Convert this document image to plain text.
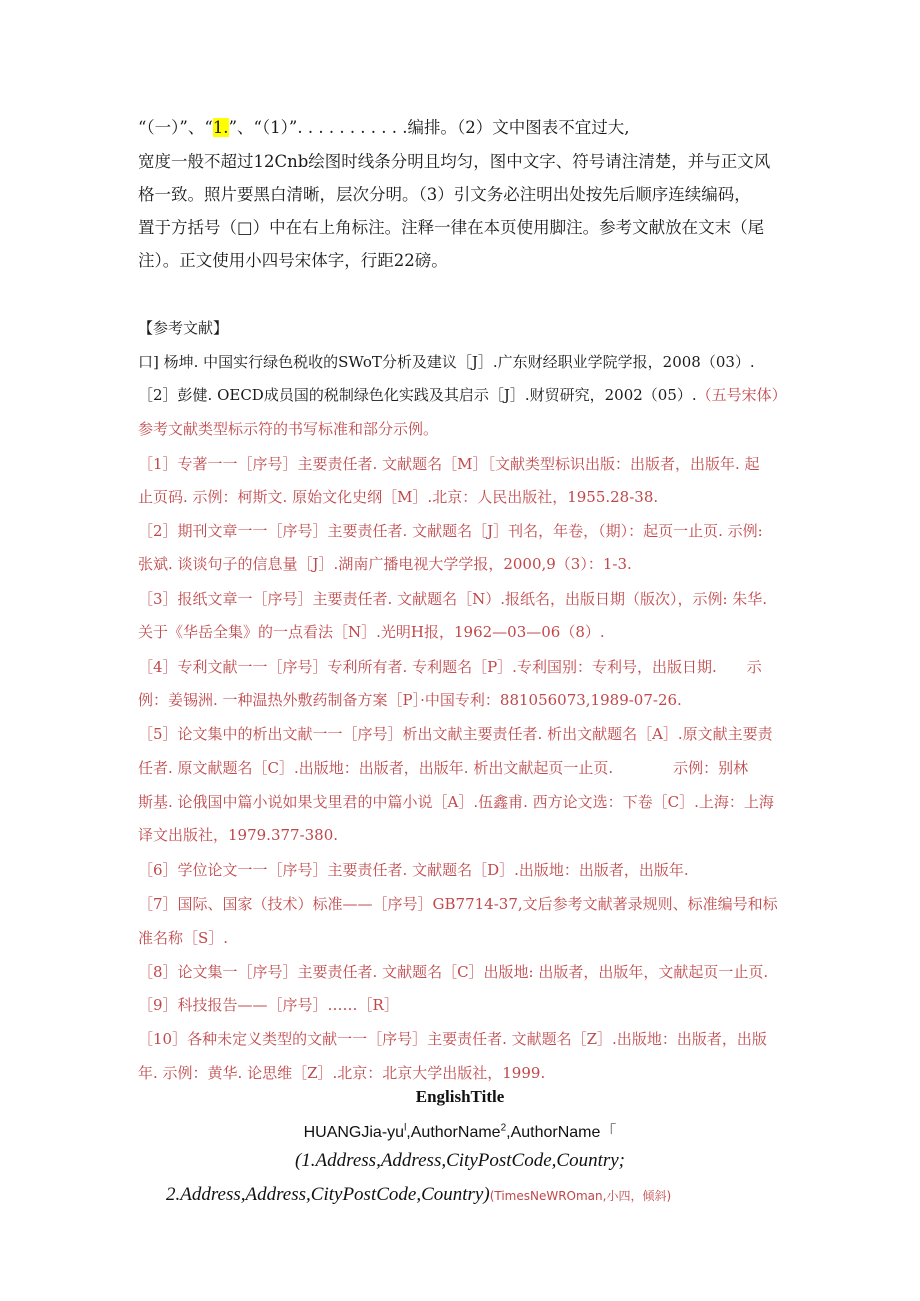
“（一）”、“1.”、“（1）”. . . . . . . . . . .编排。（2）文中图表不宜过大,
宽度一般不超过12Cnb绘图时线条分明且均匀，图中文字、符号请注清楚，并与正文风
格一致。照片要黑白清晰，层次分明。（3）引文务必注明出处按先后顺序连续编码，
置于方括号（□）中在右上角标注。注释一律在本页使用脚注。参考文献放在文末（尾
注）。正文使用小四号宋体字，行距22磅。
【参考文献】
口] 杨坤. 中国实行绿色税收的SWoT分析及建议［J］.广东财经职业学院学报，2008（03）.
［2］彭健. OECD成员国的税制绿色化实践及其启示［J］.财贸研究，2002（05）.（五号宋体）
参考文献类型标示符的书写标准和部分示例。
［1］专著一一［序号］主要责任者. 文献题名［M］［文献类型标识出版：出版者，出版年. 起
止页码. 示例：柯斯文. 原始文化史纲［M］.北京：人民出版社，1955.28-38.
［2］期刊文章一一［序号］主要责任者. 文献题名［J］刊名，年卷，（期）：起页一止页. 示例:
张斌. 谈谈句子的信息量［J］.湖南广播电视大学学报，2000,9（3）：1-3.
［3］报纸文章一［序号］主要责任者. 文献题名［N）.报纸名，出版日期（版次），示例: 朱华.
关于《华岳全集》的一点看法［N］.光明H报，1962—03—06（8）.
［4］专利文献一一［序号］专利所有者. 专利题名［P］.专利国别：专利号，出版日期.　　示
例：姜锡洲. 一种温热外敷药制备方案［P］·中国专利：881056073,1989-07-26.
［5］论文集中的析出文献一一［序号］析出文献主要责任者. 析出文献题名［A］.原文献主要责
任者. 原文献题名［C］.出版地：出版者，出版年. 析出文献起页一止页.　　　　示例：别林
斯基. 论俄国中篇小说如果戈里君的中篇小说［A］.伍鑫甫. 西方论文选：下卷［C］.上海：上海
译文出版社，1979.377-380.
［6］学位论文一一［序号］主要责任者. 文献题名［D］.出版地：出版者，出版年.
［7］国际、国家（技术）标准——［序号］GB7714-37,文后参考文献著录规则、标准编号和标
准名称［S］.
［8］论文集一［序号］主要责任者. 文献题名［C］出版地: 出版者，出版年，文献起页一止页.
［9］科技报告——［序号］……［R］
［10］各种未定义类型的文献一一［序号］主要责任者. 文献题名［Z］.出版地：出版者，出版
年. 示例：黄华. 论思维［Z］.北京：北京大学出版社，1999.
EnglishTitle
HUANGJia-$yu^l,AuthorName^2,AuthorName$「
(1.Address,Address,CityPostCode,Country;
2.Address,Address,CityPostCode,Country)(TimesNeWROman,小四，倾斜)
